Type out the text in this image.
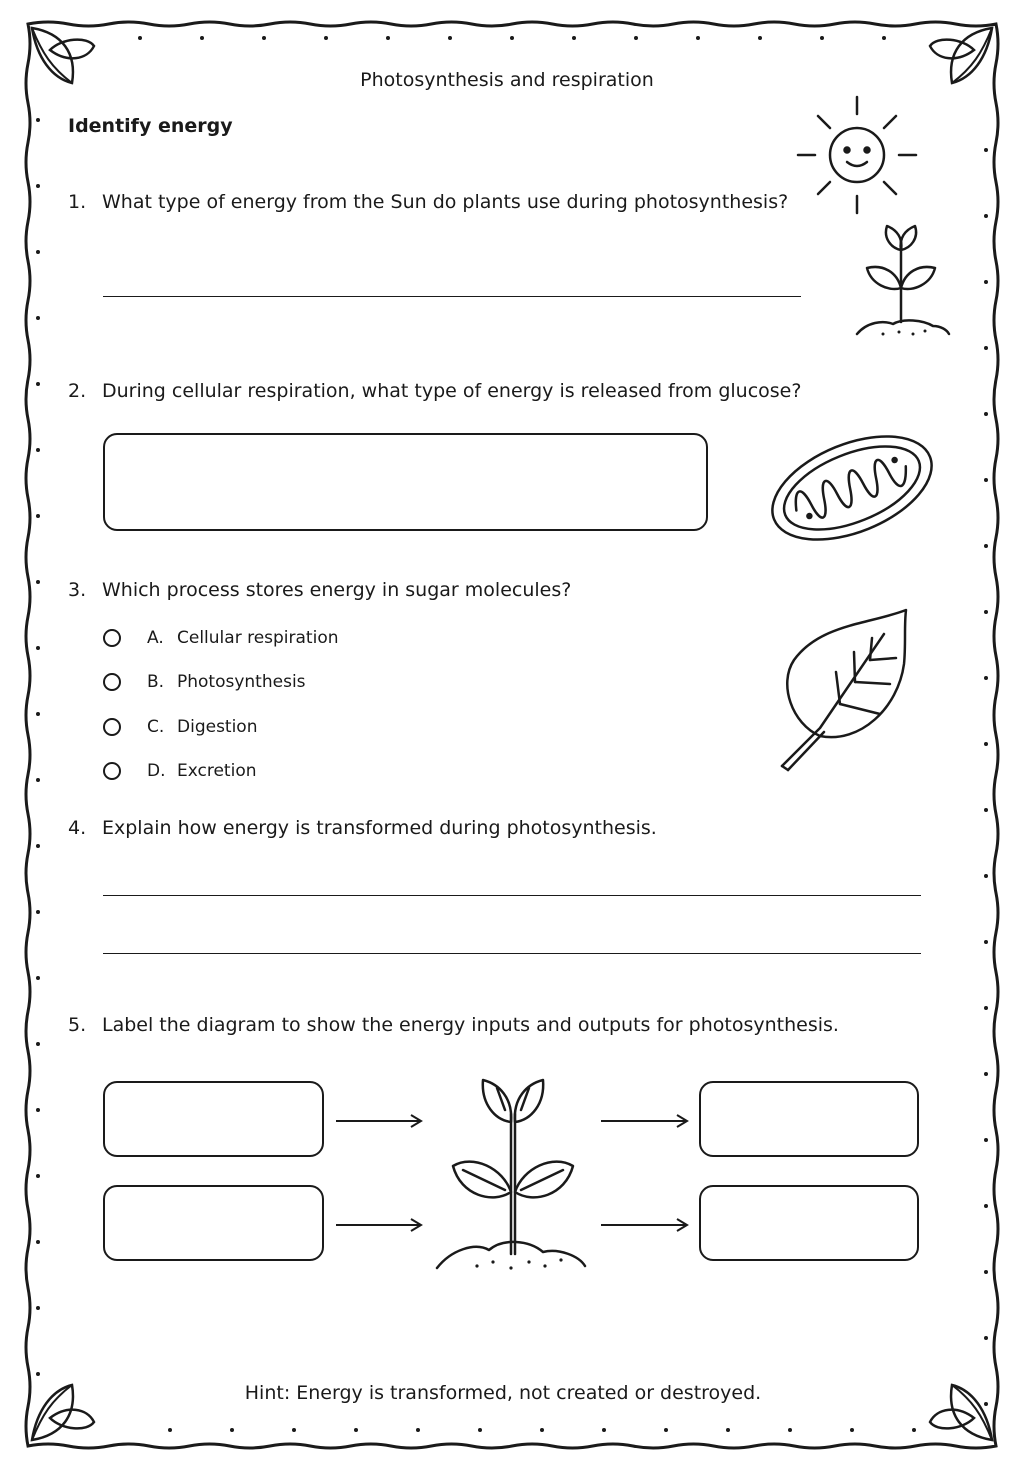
Photosynthesis and respiration
Identify energy
1. What type of energy from the Sun do plants use during photosynthesis?
2. During cellular respiration, what type of energy is released from glucose?
3. Which process stores energy in sugar molecules?
A. Cellular respiration
B. Photosynthesis
C. Digestion
D. Excretion
4. Explain how energy is transformed during photosynthesis.
5. Label the diagram to show the energy inputs and outputs for photosynthesis.
Hint: Energy is transformed, not created or destroyed.
